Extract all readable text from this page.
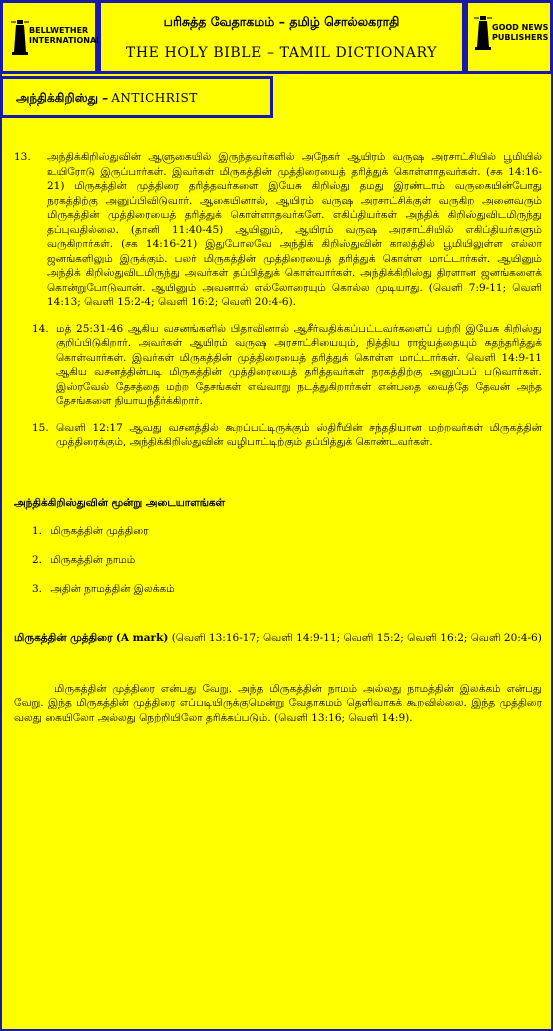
BELLWETHER
INTERNATIONAL
பரிசுத்த வேதாகமம் – தமிழ் சொல்லகராதி
THE HOLY BIBLE – TAMIL DICTIONARY
GOOD NEWS
PUBLISHERS
அந்திக்கிறிஸ்து – ANTICHRIST
13.	அந்திக்கிறிஸ்துவின் ஆளுகையில் இருந்தவர்களில் அநேகர் ஆயிரம் வருஷ அரசாட்சியில் பூமியில் உயிரோடு இருப்பார்கள். இவர்கள் மிருகத்தின் முத்திரையைத் தரித்துக் கொள்ளாதவர்கள். (சக 14:16-21) மிருகத்தின் முத்திரை தரித்தவர்களை இயேசு கிறிஸ்து தமது இரண்டாம் வருகையின்போது நரகத்திற்கு அனுப்பிவிடுவார். ஆகையினால், ஆயிரம் வருஷ அரசாட்சிக்குள் வருகிற அனைவரும் மிருகத்தின் முத்திரையைத் தரித்துக் கொள்ளாதவர்களே. எகிப்தியர்கள் அந்திக் கிறிஸ்துவிடமிருந்து தப்புவதில்லை. (தானி 11:40-45) ஆயினும், ஆயிரம் வருஷ அரசாட்சியில் எகிப்தியர்களும் வருகிறார்கள். (சக 14:16-21) இதுபோலவே அந்திக் கிறிஸ்துவின் காலத்தில் பூமியிலுள்ள எல்லா ஜனங்களிலும் இருக்கும். பலர் மிருகத்தின் முத்திரையைத் தரித்துக் கொள்ள மாட்டார்கள். ஆயினும் அந்திக் கிறிஸ்துவிடமிருந்து அவர்கள் தப்பித்துக் கொள்வார்கள். அந்திக்கிறிஸ்து திரளான ஜனங்களைக் கொன்றுபோடுவான். ஆயினும் அவனால் எல்லோரையும் கொல்ல முடியாது. (வெளி 7:9-11; வெளி 14:13; வெளி 15:2-4; வெளி 16:2; வெளி 20:4-6).
14. மத் 25:31-46 ஆகிய வசனங்களில் பிதாவினால் ஆசீர்வதிக்கப்பட்டவர்களைப் பற்றி இயேசு கிறிஸ்து குறிப்பிடுகிறார். அவர்கள் ஆயிரம் வருஷ அரசாட்சியையும், நித்திய ராஜ்யத்தையும் சுதந்தரித்துக் கொள்வார்கள். இவர்கள் மிருகத்தின் முத்திரையைத் தரித்துக் கொள்ள மாட்டார்கள். வெளி 14:9-11 ஆகிய வசனத்தின்படி மிருகத்தின் முத்திரையைத் தரித்தவர்கள் நரகத்திற்கு அனுப்பப் படுவார்கள். இஸ்ரவேல் தேசத்தை மற்ற தேசங்கள் எவ்வாறு நடத்துகிறார்கள் என்பதை வைத்தே தேவன் அந்த தேசங்களை நியாயந்தீர்க்கிறார்.
15. வெளி 12:17 ஆவது வசனத்தில் கூறப்பட்டிருக்கும் ஸ்திரீயின் சந்ததியான மற்றவர்கள் மிருகத்தின் முத்திரைக்கும், அந்திக்கிறிஸ்துவின் வழிபாட்டிற்கும் தப்பித்துக் கொண்டவர்கள்.
அந்திக்கிறிஸ்துவின் மூன்று அடையாளங்கள்
1. மிருகத்தின் முத்திரை
2. மிருகத்தின் நாமம்
3. அதின் நாமத்தின் இலக்கம்
மிருகத்தின் முத்திரை (A mark) (வெளி 13:16-17; வெளி 14:9-11; வெளி 15:2; வெளி 16:2; வெளி 20:4-6)
மிருகத்தின் முத்திரை என்பது வேறு. அந்த மிருகத்தின் நாமம் அல்லது நாமத்தின் இலக்கம் என்பது வேறு. இந்த மிருகத்தின் முத்திரை எப்படியிருக்குமென்று வேதாகமம் தெளிவாகக் கூறவில்லை. இந்த முத்திரை வலது கையிலோ அல்லது நெற்றியிலோ தரிக்கப்படும். (வெளி 13:16; வெளி 14:9).
